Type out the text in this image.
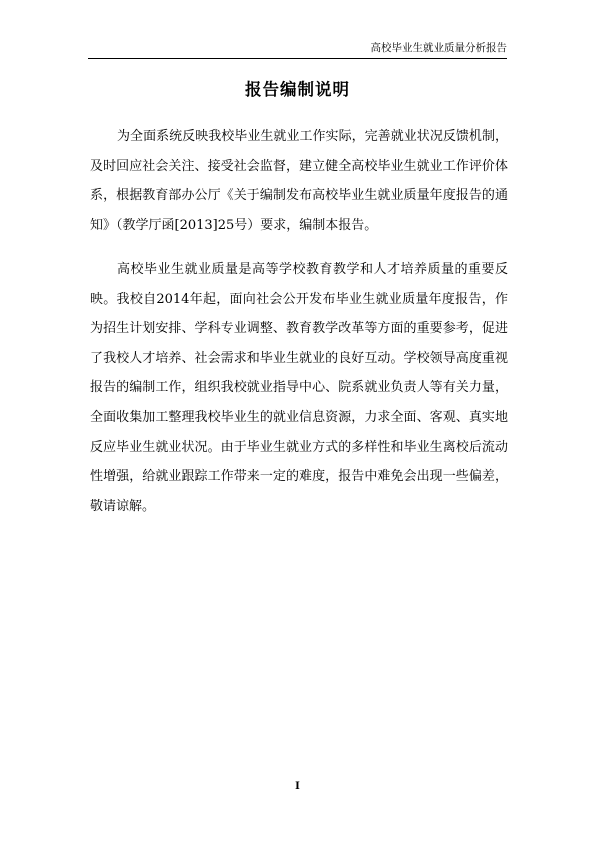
高校毕业生就业质量分析报告
报告编制说明

为全面系统反映我校毕业生就业工作实际，完善就业状况反馈机制，及时回应社会关注、接受社会监督，建立健全高校毕业生就业工作评价体系，根据教育部办公厅《关于编制发布高校毕业生就业质量年度报告的通知》（教学厅函[2013]25号）要求，编制本报告。

高校毕业生就业质量是高等学校教育教学和人才培养质量的重要反映。我校自2014年起，面向社会公开发布毕业生就业质量年度报告，作为招生计划安排、学科专业调整、教育教学改革等方面的重要参考，促进了我校人才培养、社会需求和毕业生就业的良好互动。学校领导高度重视报告的编制工作，组织我校就业指导中心、院系就业负责人等有关力量，全面收集加工整理我校毕业生的就业信息资源，力求全面、客观、真实地反应毕业生就业状况。由于毕业生就业方式的多样性和毕业生离校后流动性增强，给就业跟踪工作带来一定的难度，报告中难免会出现一些偏差，敬请谅解。

I
